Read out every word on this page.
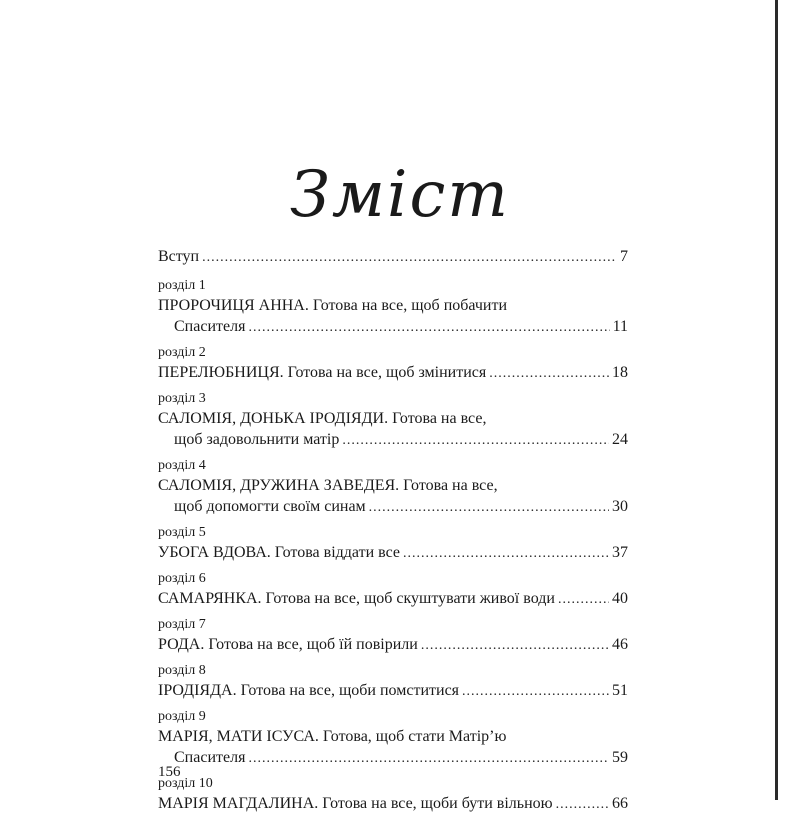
Зміст
Вступ .....	7
розділ 1
ПРОРОЧИЦЯ АННА. Готова на все, щоб побачити
Спасителя .....	11
розділ 2
ПЕРЕЛЮБНИЦЯ. Готова на все, щоб змінитися .....	18
розділ 3
САЛОМІЯ, ДОНЬКА ІРОДІЯДИ. Готова на все,
щоб задовольнити матір .....	24
розділ 4
САЛОМІЯ, ДРУЖИНА ЗАВЕДЕЯ. Готова на все,
щоб допомогти своїм синам .....	30
розділ 5
УБОГА ВДОВА. Готова віддати все .....	37
розділ 6
САМАРЯНКА. Готова на все, щоб скуштувати живої води .....	40
розділ 7
РОДА. Готова на все, щоб їй повірили .....	46
розділ 8
ІРОДІЯДА. Готова на все, щоби помститися .....	51
розділ 9
МАРІЯ, МАТИ ІСУСА. Готова, щоб стати Матір’ю
Спасителя .....	59
розділ 10
МАРІЯ МАГДАЛИНА. Готова на все, щоби бути вільною .....	66
156
